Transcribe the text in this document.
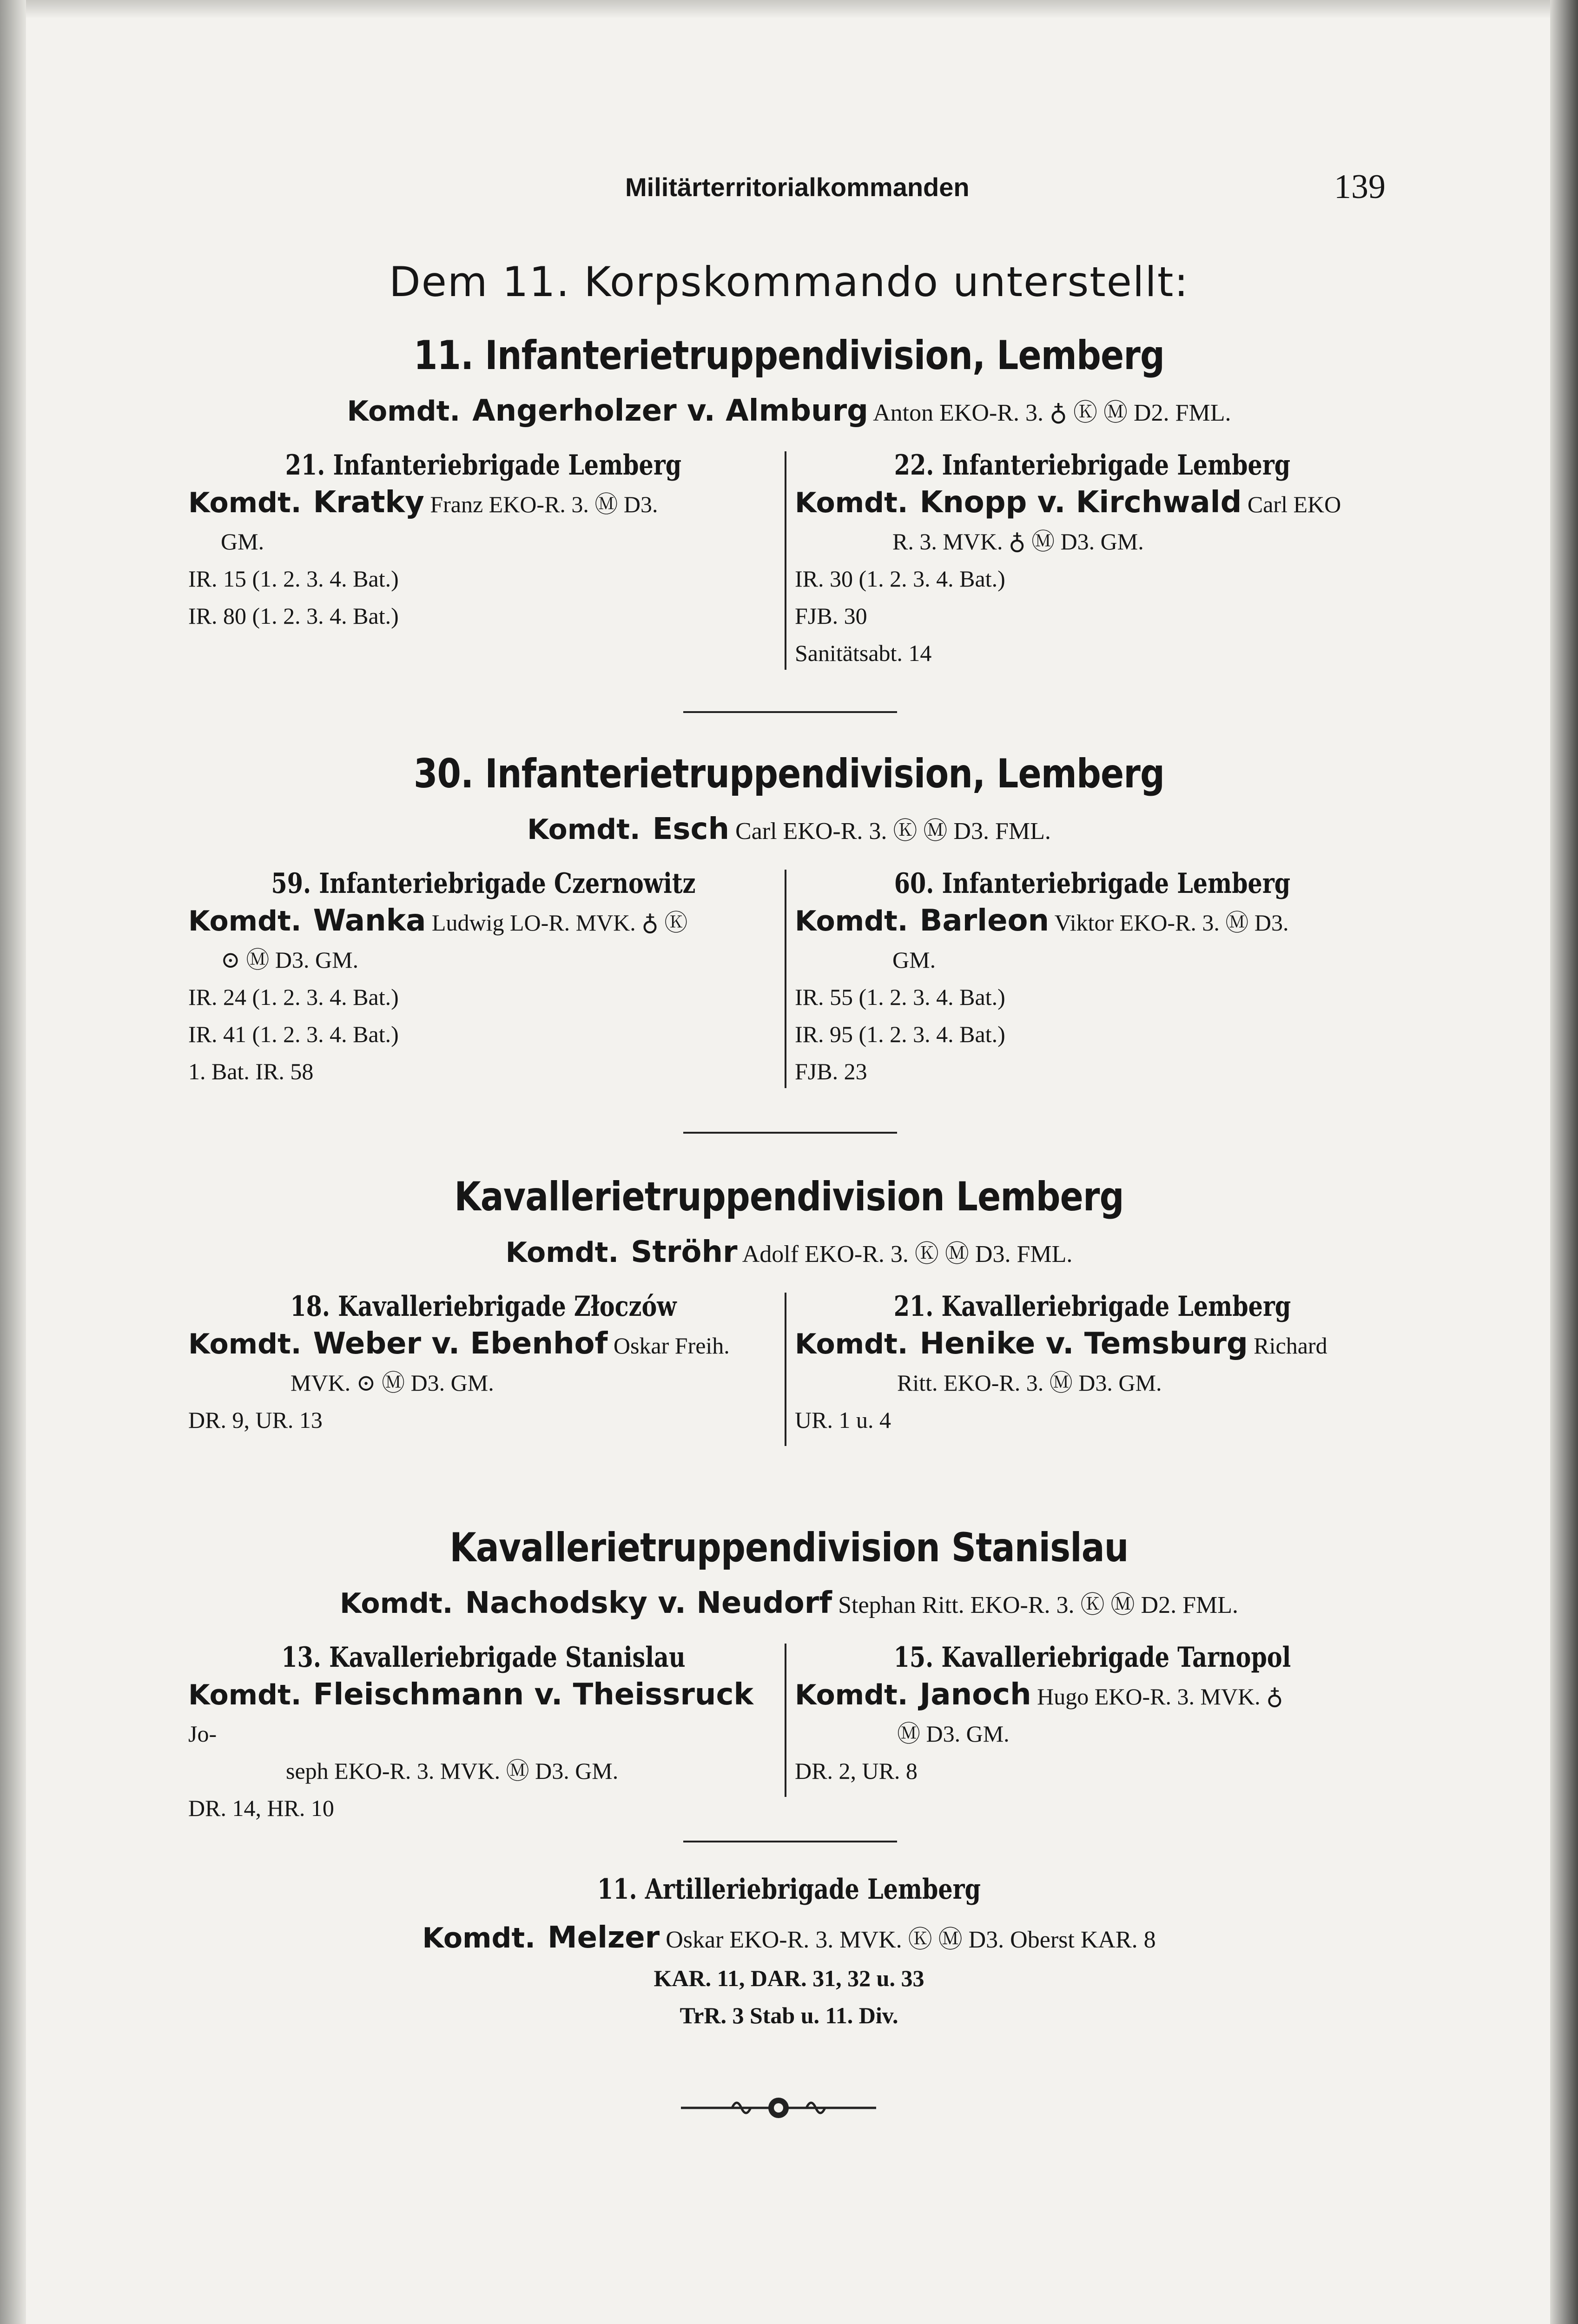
Militärterritorialkommanden	139
Dem 11. Korpskommando unterstellt:
11. Infanterietruppendivision, Lemberg
Komdt. Angerholzer v. Almburg Anton EKO-R. 3. ♁ Ⓚ Ⓜ D2. FML.
21. Infanteriebrigade Lemberg
Komdt. Kratky Franz EKO-R. 3. Ⓜ D3.
GM.
IR. 15 (1. 2. 3. 4. Bat.)
IR. 80 (1. 2. 3. 4. Bat.)
22. Infanteriebrigade Lemberg
Komdt. Knopp v. Kirchwald Carl EKO
R. 3. MVK. ♁ Ⓜ D3. GM.
IR. 30 (1. 2. 3. 4. Bat.)
FJB. 30
Sanitätsabt. 14
30. Infanterietruppendivision, Lemberg
Komdt. Esch Carl EKO-R. 3. Ⓚ Ⓜ D3. FML.
59. Infanteriebrigade Czernowitz
Komdt. Wanka Ludwig LO-R. MVK. ♁ Ⓚ
⊙ Ⓜ D3. GM.
IR. 24 (1. 2. 3. 4. Bat.)
IR. 41 (1. 2. 3. 4. Bat.)
1. Bat. IR. 58
60. Infanteriebrigade Lemberg
Komdt. Barleon Viktor EKO-R. 3. Ⓜ D3.
GM.
IR. 55 (1. 2. 3. 4. Bat.)
IR. 95 (1. 2. 3. 4. Bat.)
FJB. 23
Kavallerietruppendivision Lemberg
Komdt. Ströhr Adolf EKO-R. 3. Ⓚ Ⓜ D3. FML.
18. Kavalleriebrigade Złoczów
Komdt. Weber v. Ebenhof Oskar Freih.
MVK. ⊙ Ⓜ D3. GM.
DR. 9, UR. 13
21. Kavalleriebrigade Lemberg
Komdt. Henike v. Temsburg Richard
Ritt. EKO-R. 3. Ⓜ D3. GM.
UR. 1 u. 4
Kavallerietruppendivision Stanislau
Komdt. Nachodsky v. Neudorf Stephan Ritt. EKO-R. 3. Ⓚ Ⓜ D2. FML.
13. Kavalleriebrigade Stanislau
Komdt. Fleischmann v. Theissruck Jo-
seph EKO-R. 3. MVK. Ⓜ D3. GM.
DR. 14, HR. 10
15. Kavalleriebrigade Tarnopol
Komdt. Janoch Hugo EKO-R. 3. MVK. ♁
Ⓜ D3. GM.
DR. 2, UR. 8
11. Artilleriebrigade Lemberg
Komdt. Melzer Oskar EKO-R. 3. MVK. Ⓚ Ⓜ D3. Oberst KAR. 8
KAR. 11, DAR. 31, 32 u. 33
TrR. 3 Stab u. 11. Div.
